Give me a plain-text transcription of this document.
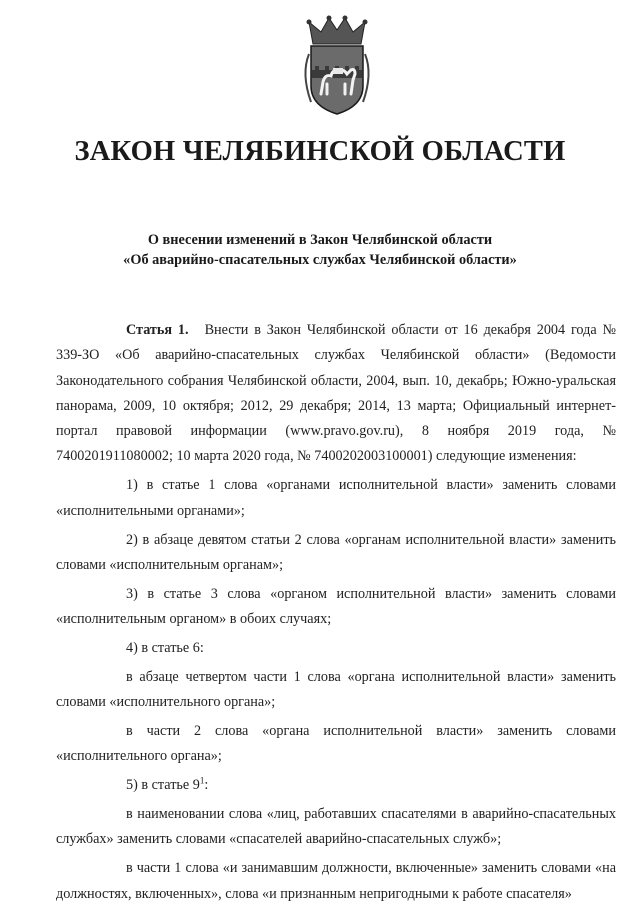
ЗАКОН ЧЕЛЯБИНСКОЙ ОБЛАСТИ
О внесении изменений в Закон Челябинской области
«Об аварийно-спасательных службах Челябинской области»

Статья 1. Внести в Закон Челябинской области от 16 декабря 2004 года № 339-ЗО «Об аварийно-спасательных службах Челябинской области» (Ведомости Законодательного собрания Челябинской области, 2004, вып. 10, декабрь; Южно-уральская панорама, 2009, 10 октября; 2012, 29 декабря; 2014, 13 марта; Официальный интернет-портал правовой информации (www.pravo.gov.ru), 8 ноября 2019 года, № 7400201911080002; 10 марта 2020 года, № 7400202003100001) следующие изменения:

1) в статье 1 слова «органами исполнительной власти» заменить словами «исполнительными органами»;

2) в абзаце девятом статьи 2 слова «органам исполнительной власти» заменить словами «исполнительным органам»;

3) в статье 3 слова «органом исполнительной власти» заменить словами «исполнительным органом» в обоих случаях;

4) в статье 6:

в абзаце четвертом части 1 слова «органа исполнительной власти» заменить словами «исполнительного органа»;

в части 2 слова «органа исполнительной власти» заменить словами «исполнительного органа»;

5) в статье $9^1$:

в наименовании слова «лиц, работавших спасателями в аварийно-спасательных службах» заменить словами «спасателей аварийно-спасательных служб»;

в части 1 слова «и занимавшим должности, включенные» заменить словами «на должностях, включенных», слова «и признанным непригодными к работе спасателя»
